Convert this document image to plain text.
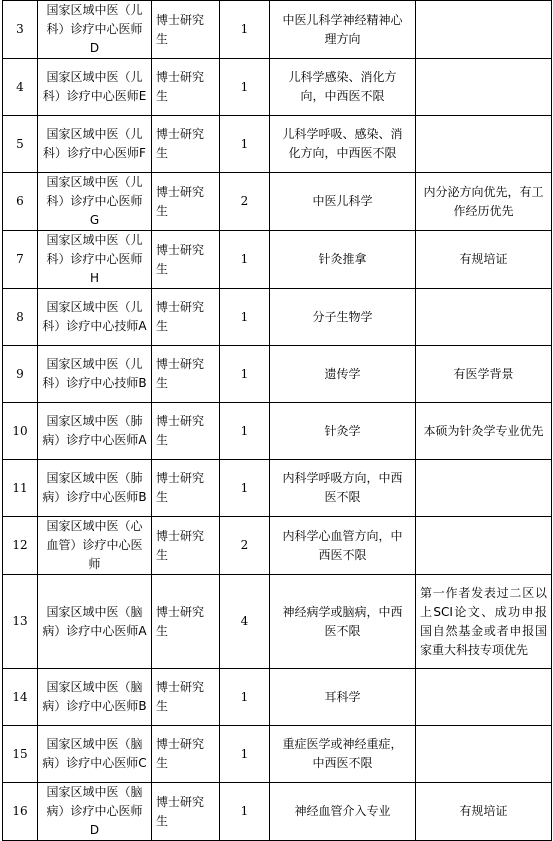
3	国家区域中医（儿科）诊疗中心医师D	博士研究生	1	中医儿科学神经精神心理方向	
4	国家区域中医（儿科）诊疗中心医师E	博士研究生	1	儿科学感染、消化方向，中西医不限	
5	国家区域中医（儿科）诊疗中心医师F	博士研究生	1	儿科学呼吸、感染、消化方向，中西医不限	
6	国家区域中医（儿科）诊疗中心医师G	博士研究生	2	中医儿科学	内分泌方向优先，有工作经历优先
7	国家区域中医（儿科）诊疗中心医师H	博士研究生	1	针灸推拿	有规培证
8	国家区域中医（儿科）诊疗中心技师A	博士研究生	1	分子生物学	
9	国家区域中医（儿科）诊疗中心技师B	博士研究生	1	遗传学	有医学背景
10	国家区域中医（肺病）诊疗中心医师A	博士研究生	1	针灸学	本硕为针灸学专业优先
11	国家区域中医（肺病）诊疗中心医师B	博士研究生	1	内科学呼吸方向，中西医不限	
12	国家区域中医（心血管）诊疗中心医师	博士研究生	2	内科学心血管方向，中西医不限	
13	国家区域中医（脑病）诊疗中心医师A	博士研究生	4	神经病学或脑病，中西医不限	第一作者发表过二区以上SCI论文、成功申报国自然基金或者申报国家重大科技专项优先
14	国家区域中医（脑病）诊疗中心医师B	博士研究生	1	耳科学	
15	国家区域中医（脑病）诊疗中心医师C	博士研究生	1	重症医学或神经重症，中西医不限	
16	国家区域中医（脑病）诊疗中心医师D	博士研究生	1	神经血管介入专业	有规培证
